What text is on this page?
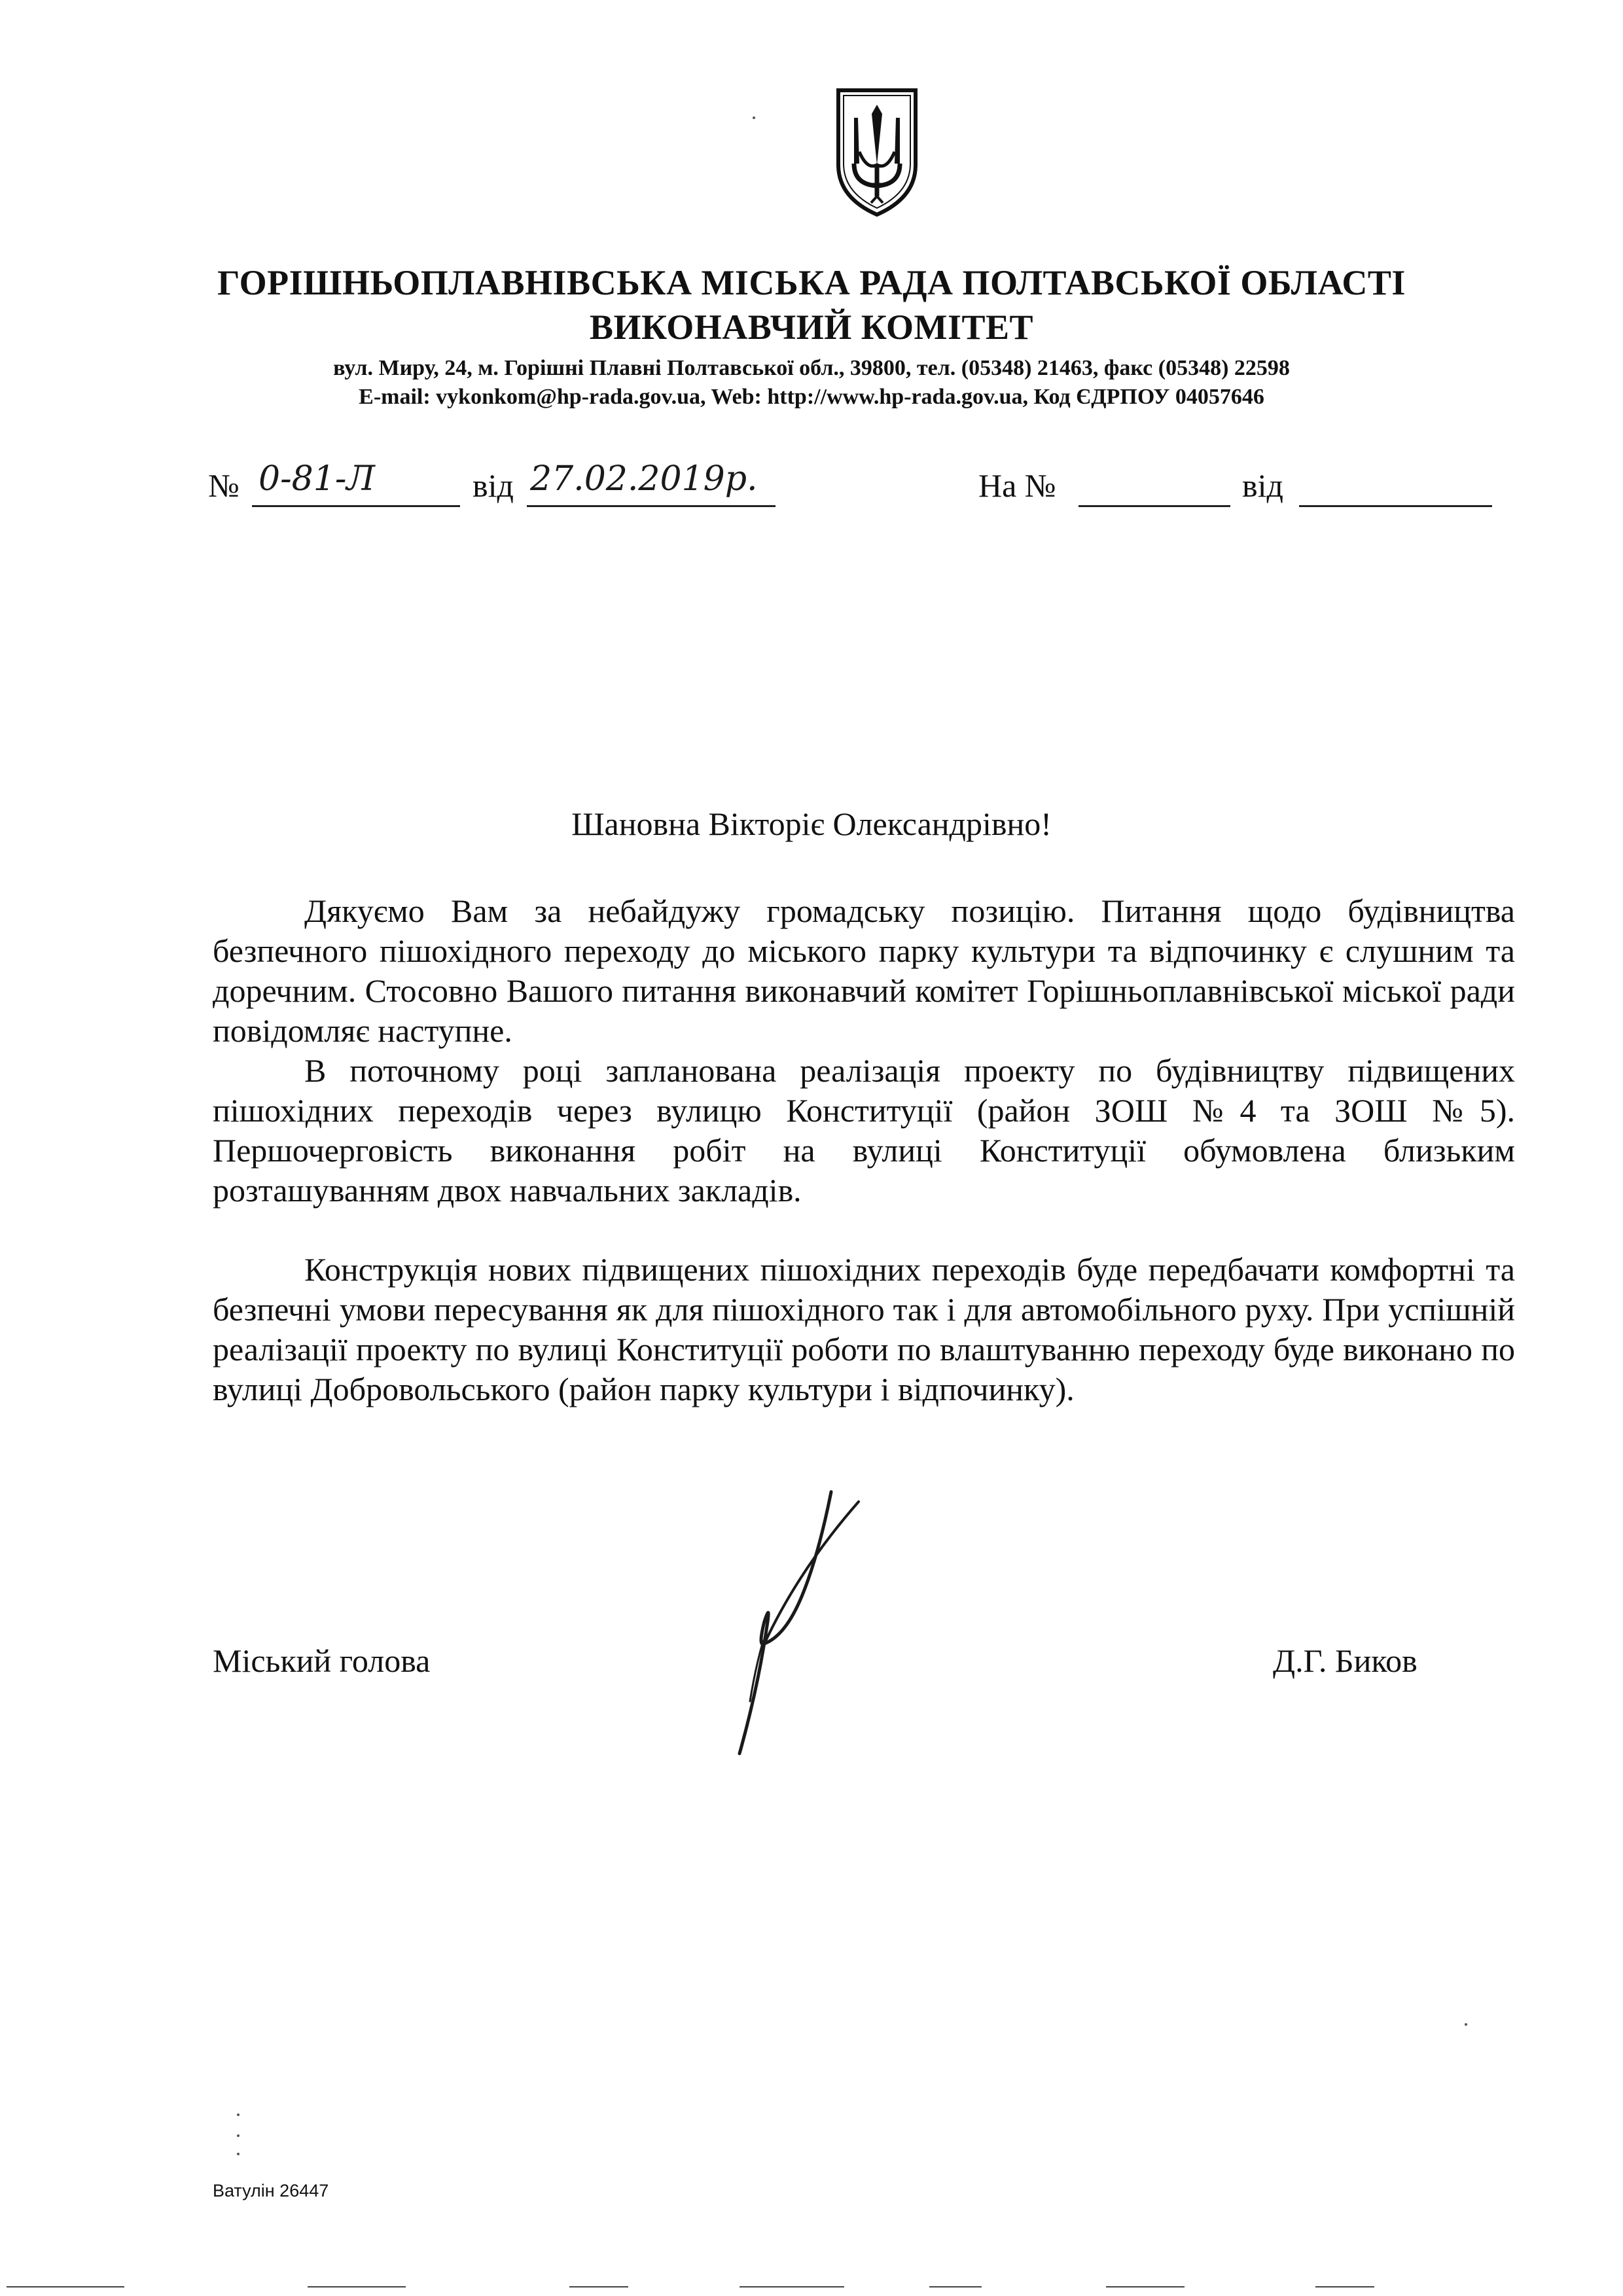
ГОРІШНЬОПЛАВНІВСЬКА МІСЬКА РАДА ПОЛТАВСЬКОЇ ОБЛАСТІ
ВИКОНАВЧИЙ КОМІТЕТ
вул. Миру, 24, м. Горішні Плавні Полтавської обл., 39800, тел. (05348) 21463, факс (05348) 22598
E-mail: vykonkom@hp-rada.gov.ua, Web: http://www.hp-rada.gov.ua, Код ЄДРПОУ 04057646
№ 0-81-Л	від 27.02.2019р.	На №	від
Шановна Вікторіє Олександрівно!

Дякуємо Вам за небайдужу громадську позицію. Питання щодо будівництва безпечного пішохідного переходу до міського парку культури та відпочинку є слушним та доречним. Стосовно Вашого питання виконавчий комітет Горішньоплавнівської міської ради повідомляє наступне.

В поточному році запланована реалізація проекту по будівництву підвищених пішохідних переходів через вулицю Конституції (район ЗОШ №4 та ЗОШ №5). Першочерговість виконання робіт на вулиці Конституції обумовлена близьким розташуванням двох навчальних закладів.

Конструкція нових підвищених пішохідних переходів буде передбачати комфортні та безпечні умови пересування як для пішохідного так і для автомобільного руху. При успішній реалізації проекту по вулиці Конституції роботи по влаштуванню переходу буде виконано по вулиці Добровольського (район парку культури і відпочинку).

Міський голова	Д.Г. Биков
Ватулін 26447
